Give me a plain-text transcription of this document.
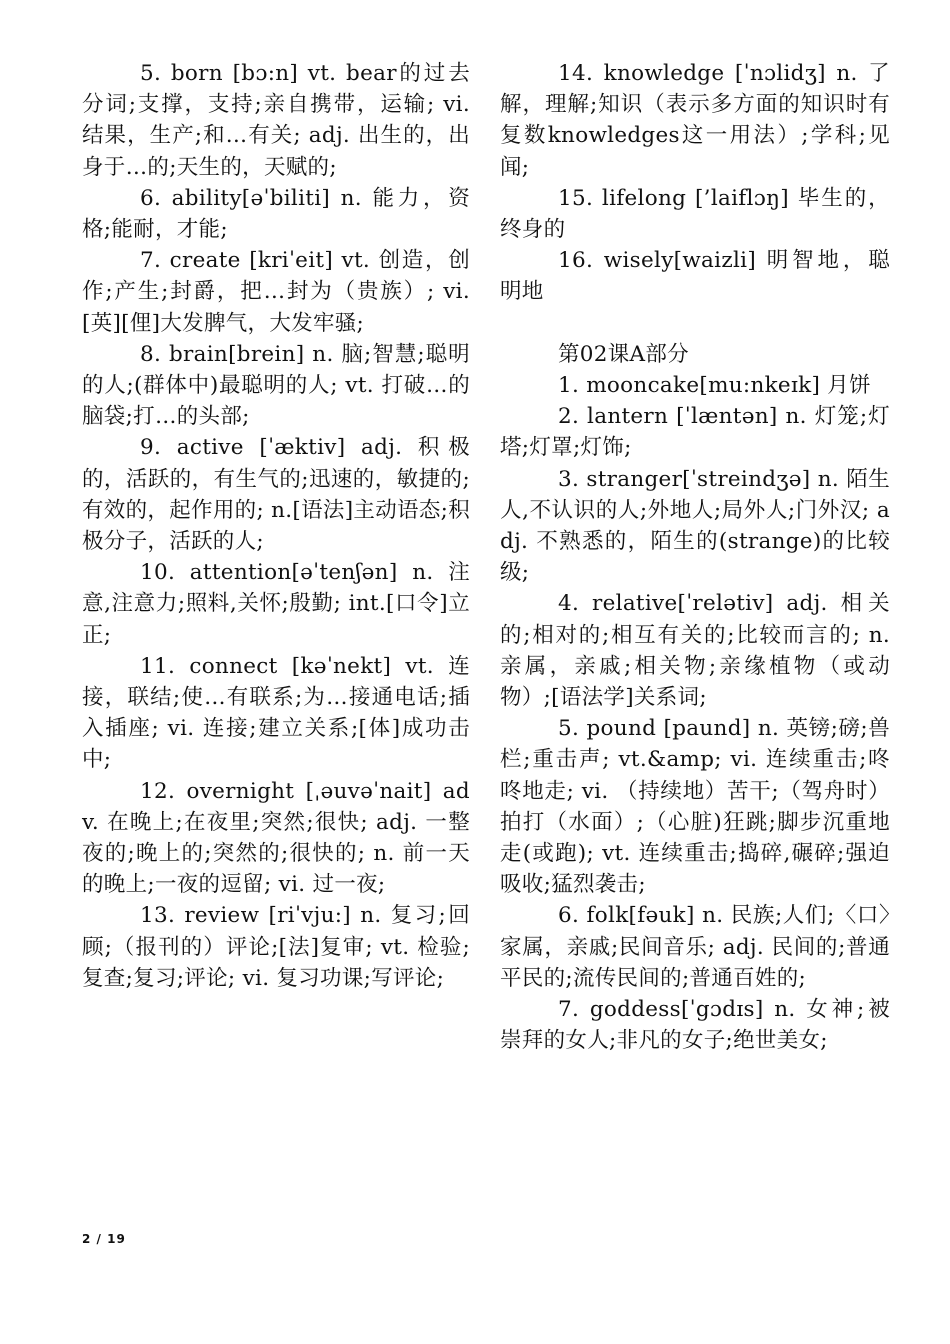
5. born [bɔ:n] vt. bear的过去分词;支撑，支持;亲自携带，运输; vi. 结果，生产;和…有关; adj. 出生的，出身于…的;天生的，天赋的;

6. ability[əˈbiliti] n. 能力，资格;能耐，才能;

7. create [kriˈeit] vt. 创造，创作;产生;封爵，把…封为（贵族）; vi.[英][俚]大发脾气，大发牢骚;

8. brain[brein] n. 脑;智慧;聪明的人;(群体中)最聪明的人; vt. 打破…的脑袋;打…的头部;

9. active [ˈæktiv] adj. 积极的，活跃的，有生气的;迅速的，敏捷的;有效的，起作用的; n.[语法]主动语态;积极分子，活跃的人;

10. attention[əˈtenʃən] n. 注意,注意力;照料,关怀;殷勤; int.[口令]立正;

11. connect [kəˈnekt] vt. 连接，联结;使…有联系;为…接通电话;插入插座; vi. 连接;建立关系;[体]成功击中;

12. overnight [ˌəuvəˈnait] adv. 在晚上;在夜里;突然;很快; adj. 一整夜的;晚上的;突然的;很快的; n. 前一天的晚上;一夜的逗留; vi. 过一夜;

13. review [riˈvju:] n. 复习;回顾;（报刊的）评论;[法]复审; vt. 检验;复查;复习;评论; vi. 复习功课;写评论;

14. knowledge [ˈnɔlidʒ] n. 了解，理解;知识（表示多方面的知识时有复数knowledges这一用法）;学科;见闻;

15. lifelong [’laiflɔŋ] 毕生的，终身的

16. wisely[waizli] 明智地，聪明地

第02课A部分

1. mooncake[mu:nkeɪk] 月饼

2. lantern [ˈlæntən] n. 灯笼;灯塔;灯罩;灯饰;

3. stranger[ˈstreindʒə] n. 陌生人,不认识的人;外地人;局外人;门外汉; adj. 不熟悉的，陌生的(strange)的比较级;

4. relative[ˈrelətiv] adj. 相关的;相对的;相互有关的;比较而言的; n. 亲属，亲戚;相关物;亲缘植物（或动物）;[语法学]关系词;

5. pound [paund] n. 英镑;磅;兽栏;重击声; vt.&amp; vi. 连续重击;咚咚地走; vi. （持续地）苦干;（驾舟时）拍打（水面）;（心脏)狂跳;脚步沉重地走(或跑); vt. 连续重击;捣碎,碾碎;强迫吸收;猛烈袭击;

6. folk[fəuk] n. 民族;人们;〈口〉家属，亲戚;民间音乐; adj. 民间的;普通平民的;流传民间的;普通百姓的;

7. goddess[ˈgɔdɪs] n. 女神;被崇拜的女人;非凡的女子;绝世美女;

2 / 19
